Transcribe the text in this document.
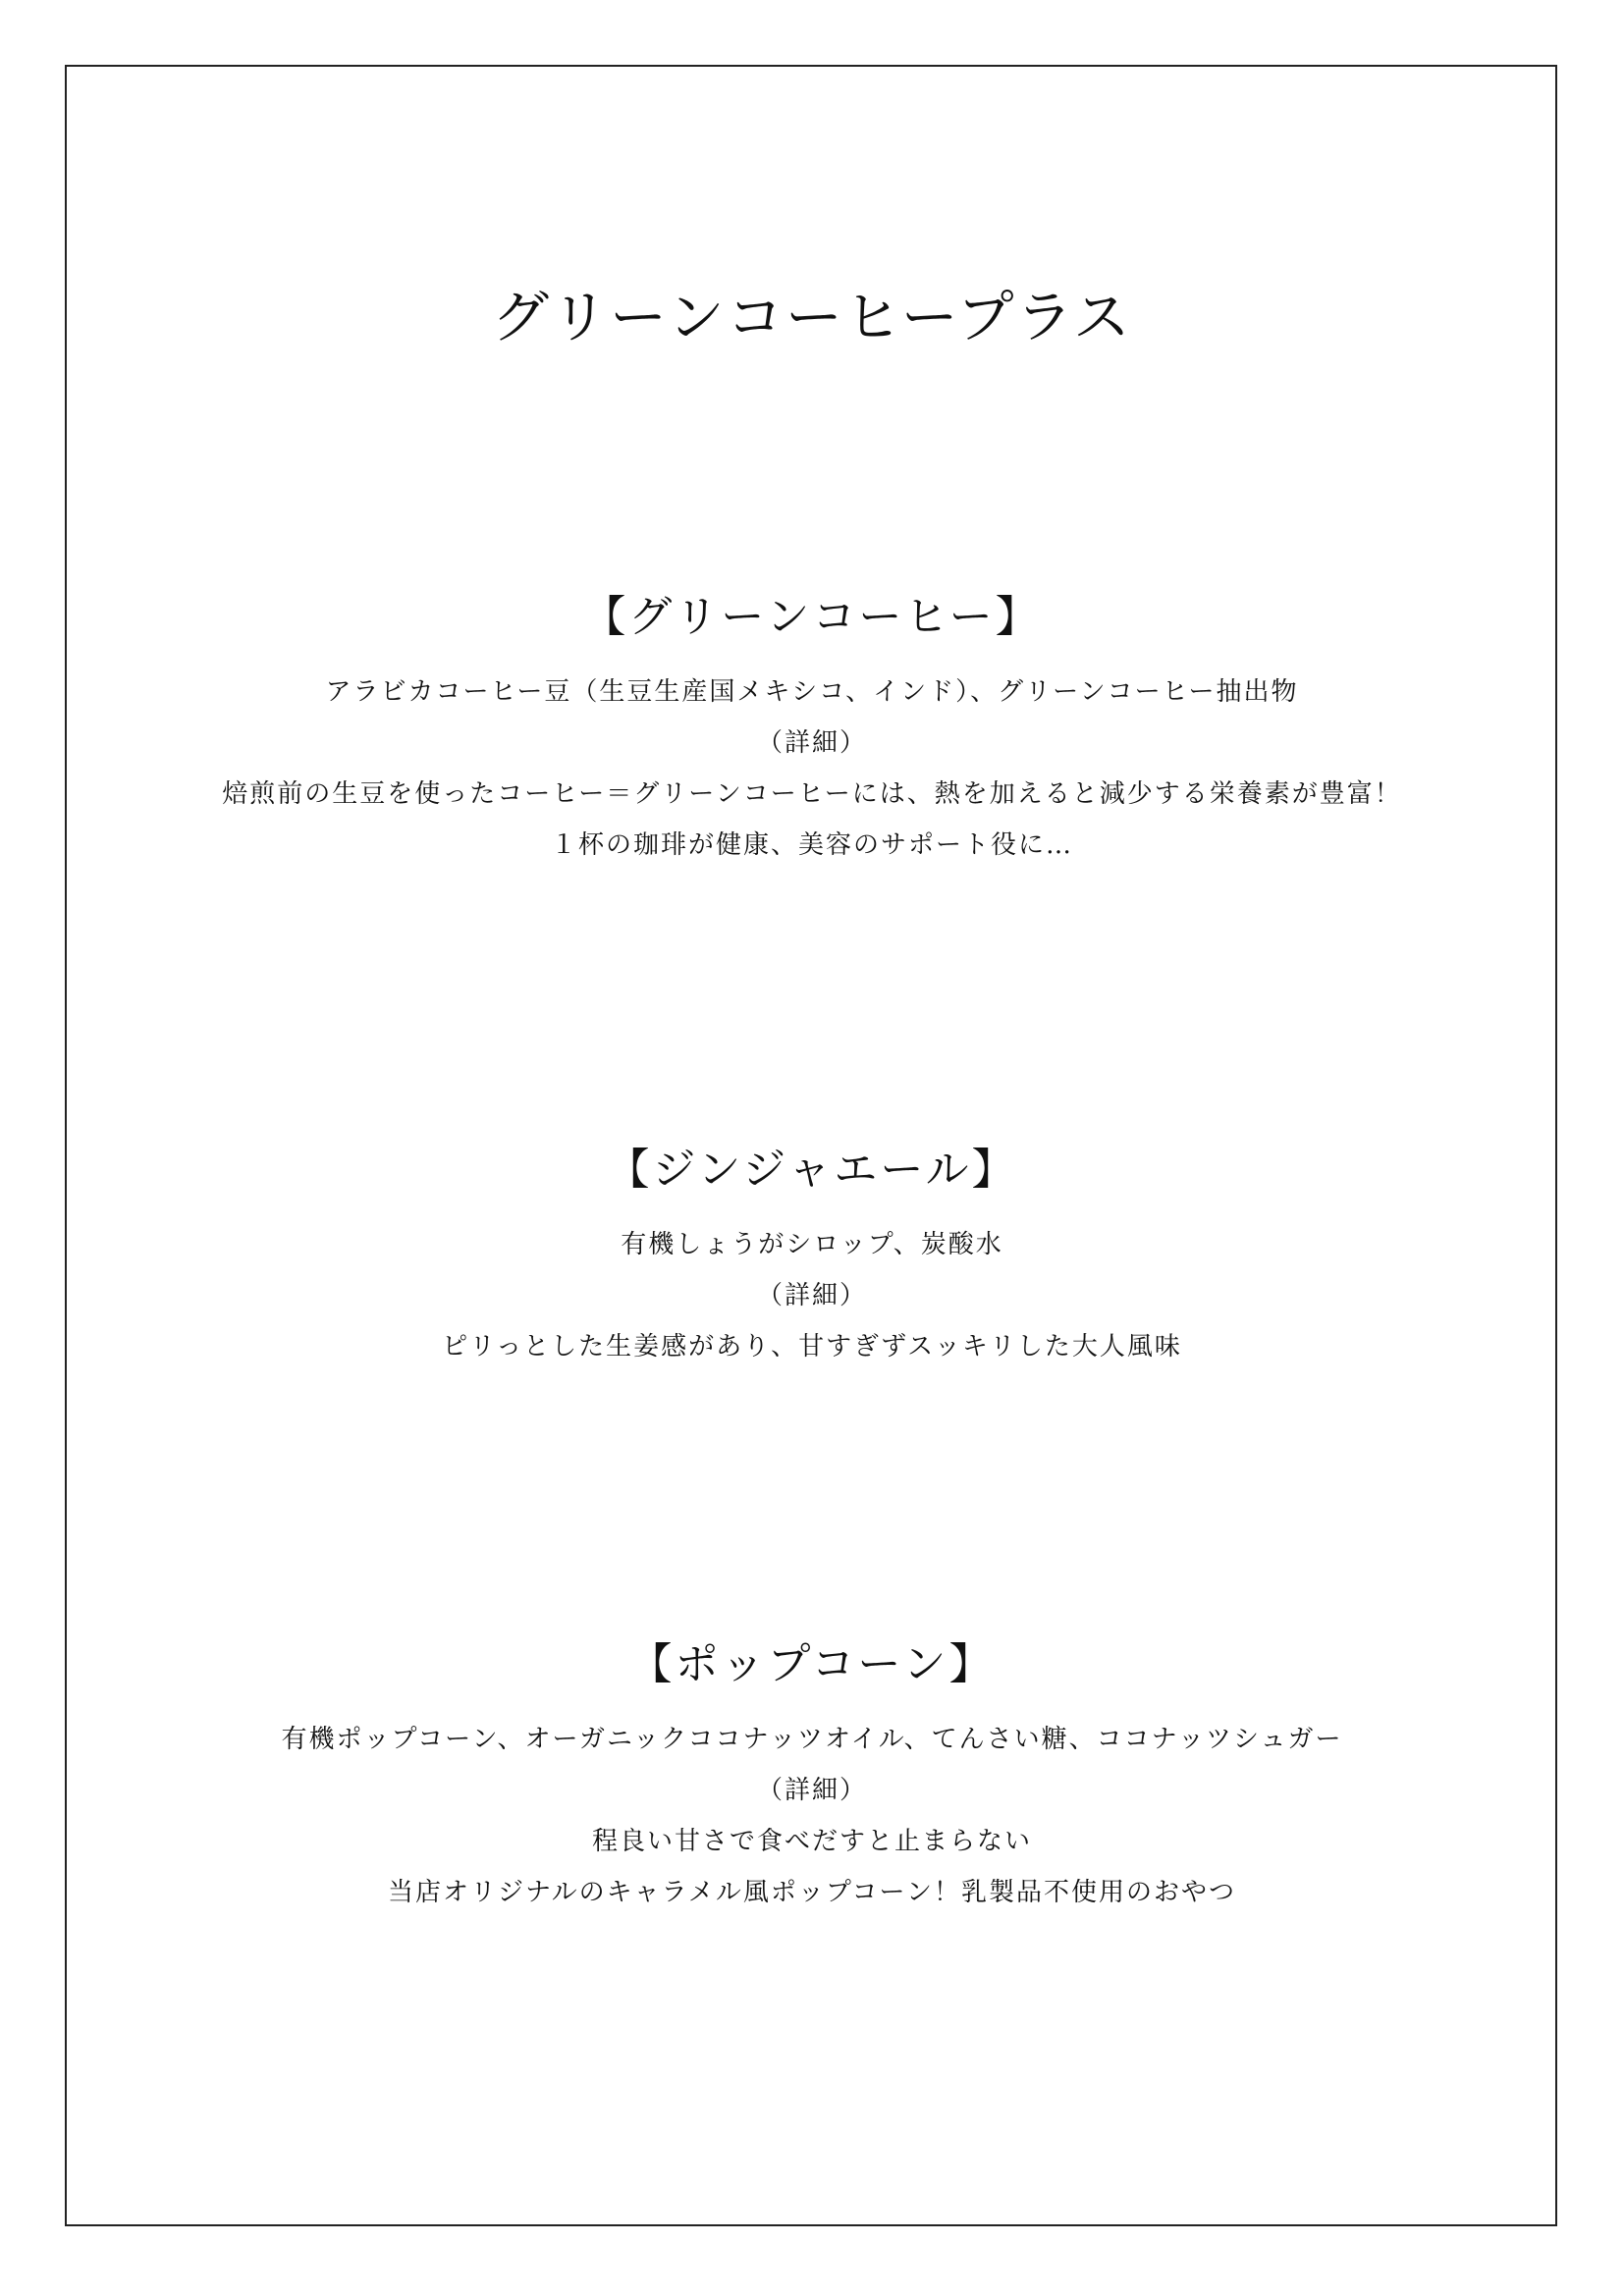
グリーンコーヒープラス
【グリーンコーヒー】
アラビカコーヒー豆（生豆生産国メキシコ、インド）、グリーンコーヒー抽出物
（詳細）
焙煎前の生豆を使ったコーヒー＝グリーンコーヒーには、熱を加えると減少する栄養素が豊富！
１杯の珈琲が健康、美容のサポート役に…
【ジンジャエール】
有機しょうがシロップ、炭酸水
（詳細）
ピリっとした生姜感があり、甘すぎずスッキリした大人風味
【ポップコーン】
有機ポップコーン、オーガニックココナッツオイル、てんさい糖、ココナッツシュガー
（詳細）
程良い甘さで食べだすと止まらない
当店オリジナルのキャラメル風ポップコーン！乳製品不使用のおやつ
